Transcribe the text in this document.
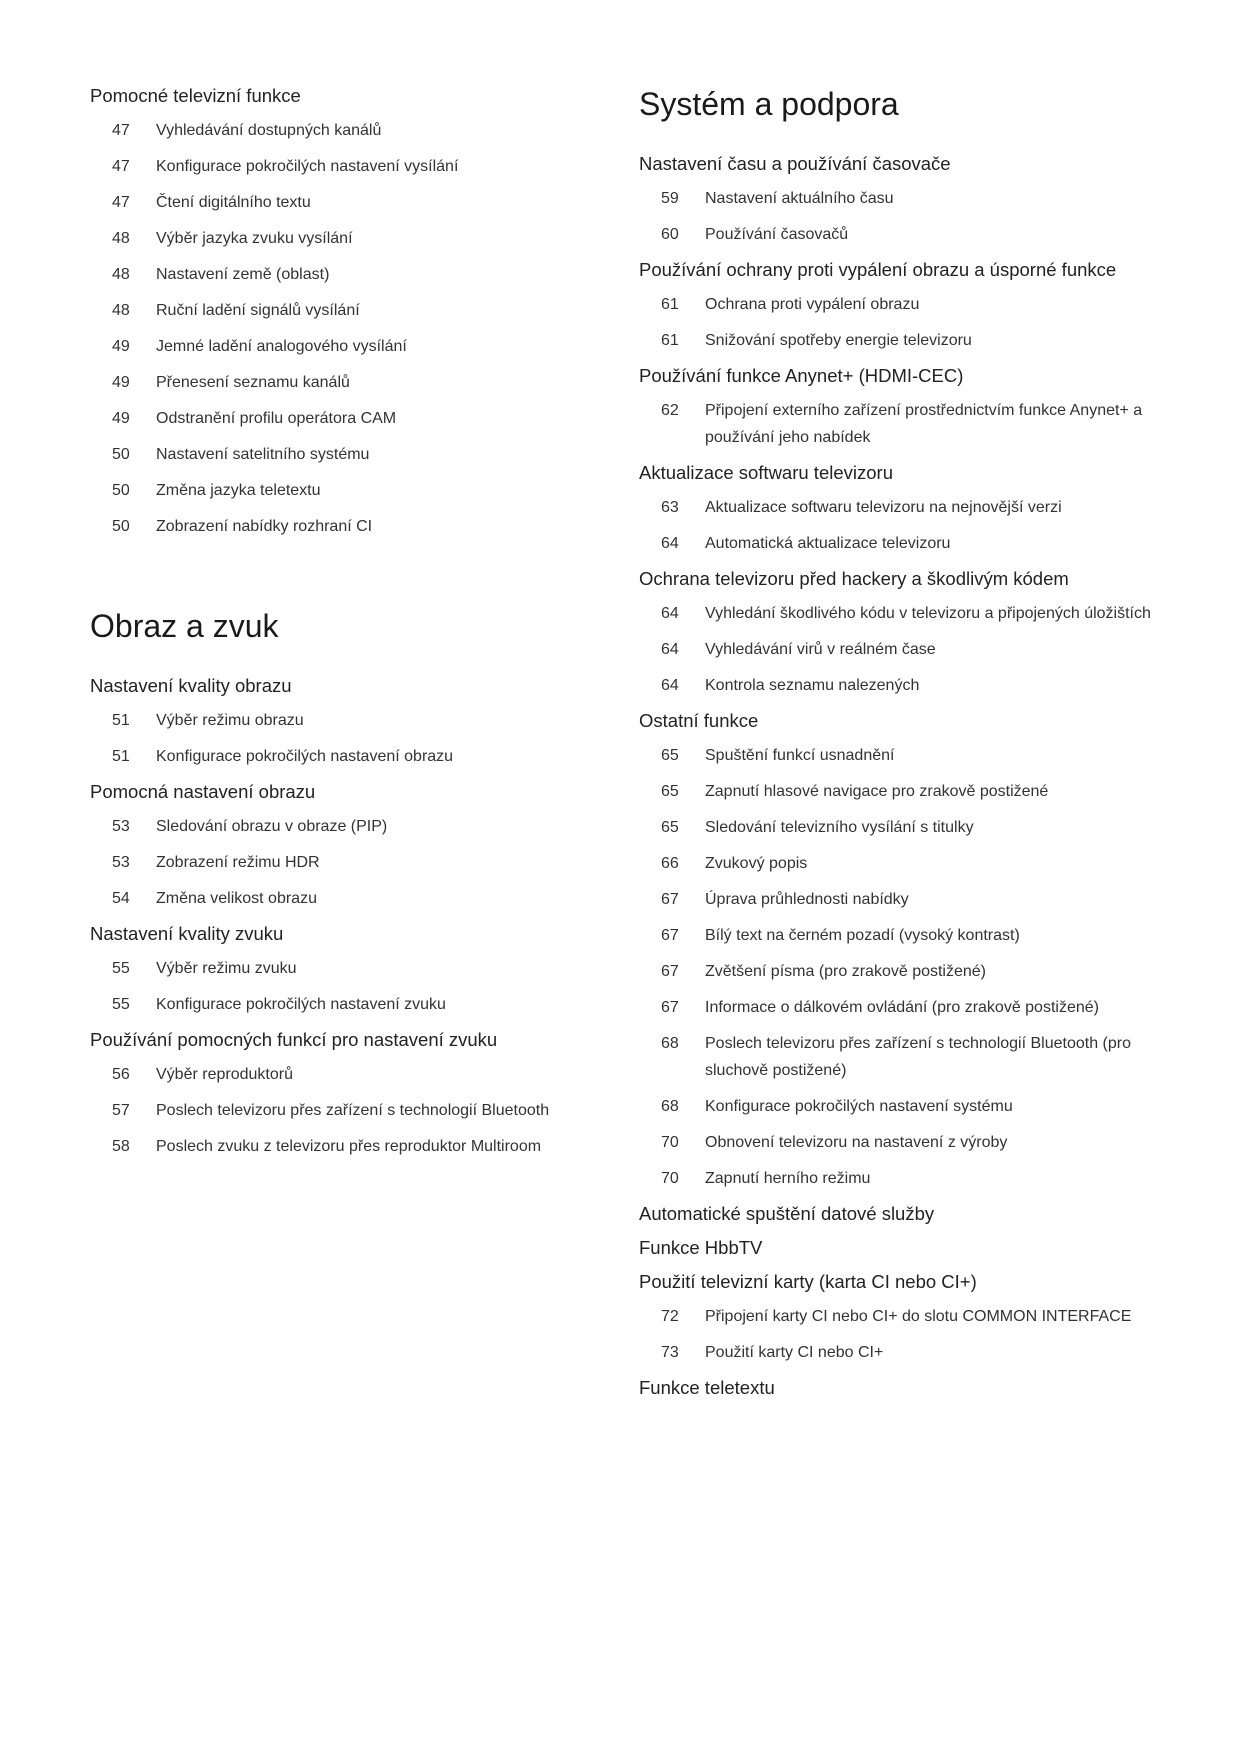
Pomocné televizní funkce
47	Vyhledávání dostupných kanálů
47	Konfigurace pokročilých nastavení vysílání
47	Čtení digitálního textu
48	Výběr jazyka zvuku vysílání
48	Nastavení země (oblast)
48	Ruční ladění signálů vysílání
49	Jemné ladění analogového vysílání
49	Přenesení seznamu kanálů
49	Odstranění profilu operátora CAM
50	Nastavení satelitního systému
50	Změna jazyka teletextu
50	Zobrazení nabídky rozhraní CI
Obraz a zvuk
Nastavení kvality obrazu
51	Výběr režimu obrazu
51	Konfigurace pokročilých nastavení obrazu
Pomocná nastavení obrazu
53	Sledování obrazu v obraze (PIP)
53	Zobrazení režimu HDR
54	Změna velikost obrazu
Nastavení kvality zvuku
55	Výběr režimu zvuku
55	Konfigurace pokročilých nastavení zvuku
Používání pomocných funkcí pro nastavení zvuku
56	Výběr reproduktorů
57	Poslech televizoru přes zařízení s technologií Bluetooth
58	Poslech zvuku z televizoru přes reproduktor Multiroom
Systém a podpora
Nastavení času a používání časovače
59	Nastavení aktuálního času
60	Používání časovačů
Používání ochrany proti vypálení obrazu a úsporné funkce
61	Ochrana proti vypálení obrazu
61	Snižování spotřeby energie televizoru
Používání funkce Anynet+ (HDMI-CEC)
62	Připojení externího zařízení prostřednictvím funkce Anynet+ a používání jeho nabídek
Aktualizace softwaru televizoru
63	Aktualizace softwaru televizoru na nejnovější verzi
64	Automatická aktualizace televizoru
Ochrana televizoru před hackery a škodlivým kódem
64	Vyhledání škodlivého kódu v televizoru a připojených úložištích
64	Vyhledávání virů v reálném čase
64	Kontrola seznamu nalezených
Ostatní funkce
65	Spuštění funkcí usnadnění
65	Zapnutí hlasové navigace pro zrakově postižené
65	Sledování televizního vysílání s titulky
66	Zvukový popis
67	Úprava průhlednosti nabídky
67	Bílý text na černém pozadí (vysoký kontrast)
67	Zvětšení písma (pro zrakově postižené)
67	Informace o dálkovém ovládání (pro zrakově postižené)
68	Poslech televizoru přes zařízení s technologií Bluetooth (pro sluchově postižené)
68	Konfigurace pokročilých nastavení systému
70	Obnovení televizoru na nastavení z výroby
70	Zapnutí herního režimu
Automatické spuštění datové služby
Funkce HbbTV
Použití televizní karty (karta CI nebo CI+)
72	Připojení karty CI nebo CI+ do slotu COMMON INTERFACE
73	Použití karty CI nebo CI+
Funkce teletextu
